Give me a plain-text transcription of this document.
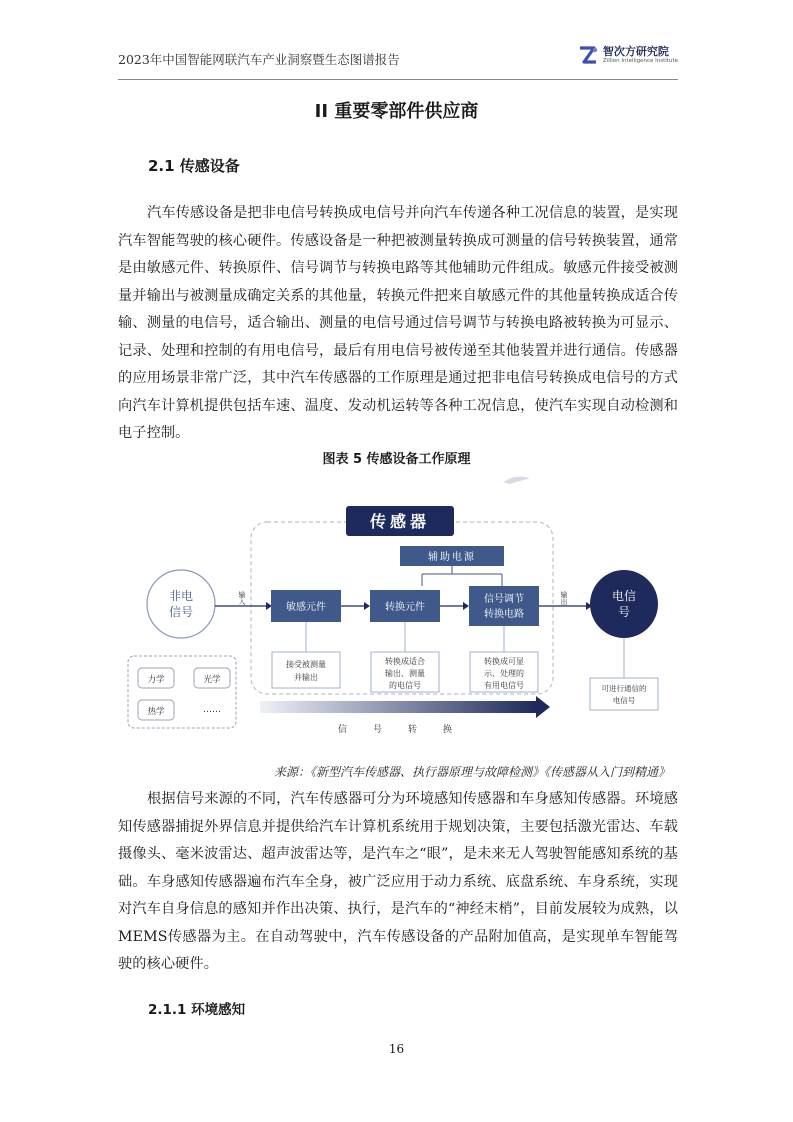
2023年中国智能网联汽车产业洞察暨生态图谱报告
智次方研究院
Zillion Intelligence Institute
II 重要零部件供应商
2.1 传感设备
汽车传感设备是把非电信号转换成电信号并向汽车传递各种工况信息的装置，是实现汽车智能驾驶的核心硬件。传感设备是一种把被测量转换成可测量的信号转换装置，通常是由敏感元件、转换原件、信号调节与转换电路等其他辅助元件组成。敏感元件接受被测量并输出与被测量成确定关系的其他量，转换元件把来自敏感元件的其他量转换成适合传输、测量的电信号，适合输出、测量的电信号通过信号调节与转换电路被转换为可显示、记录、处理和控制的有用电信号，最后有用电信号被传递至其他装置并进行通信。传感器的应用场景非常广泛，其中汽车传感器的工作原理是通过把非电信号转换成电信号的方式向汽车计算机提供包括车速、温度、发动机运转等各种工况信息，使汽车实现自动检测和电子控制。
图表 5 传感设备工作原理
传感器
辅助电源
非电
信号
输入
敏感元件	转换元件
信号调节
转换电路
输出	电信
号
接受被测量
并输出
转换成适合
输出、测量
的电信号
转换成可显
示、处理的
有用电信号	可进行通信的
电信号
力学	光学
热学	……
信号转换
来源：《新型汽车传感器、执行器原理与故障检测》《传感器从入门到精通》
根据信号来源的不同，汽车传感器可分为环境感知传感器和车身感知传感器。环境感知传感器捕捉外界信息并提供给汽车计算机系统用于规划决策，主要包括激光雷达、车载摄像头、毫米波雷达、超声波雷达等，是汽车之“眼”，是未来无人驾驶智能感知系统的基础。车身感知传感器遍布汽车全身，被广泛应用于动力系统、底盘系统、车身系统，实现对汽车自身信息的感知并作出决策、执行，是汽车的“神经末梢”，目前发展较为成熟，以MEMS传感器为主。在自动驾驶中，汽车传感设备的产品附加值高，是实现单车智能驾驶的核心硬件。
2.1.1 环境感知
16
